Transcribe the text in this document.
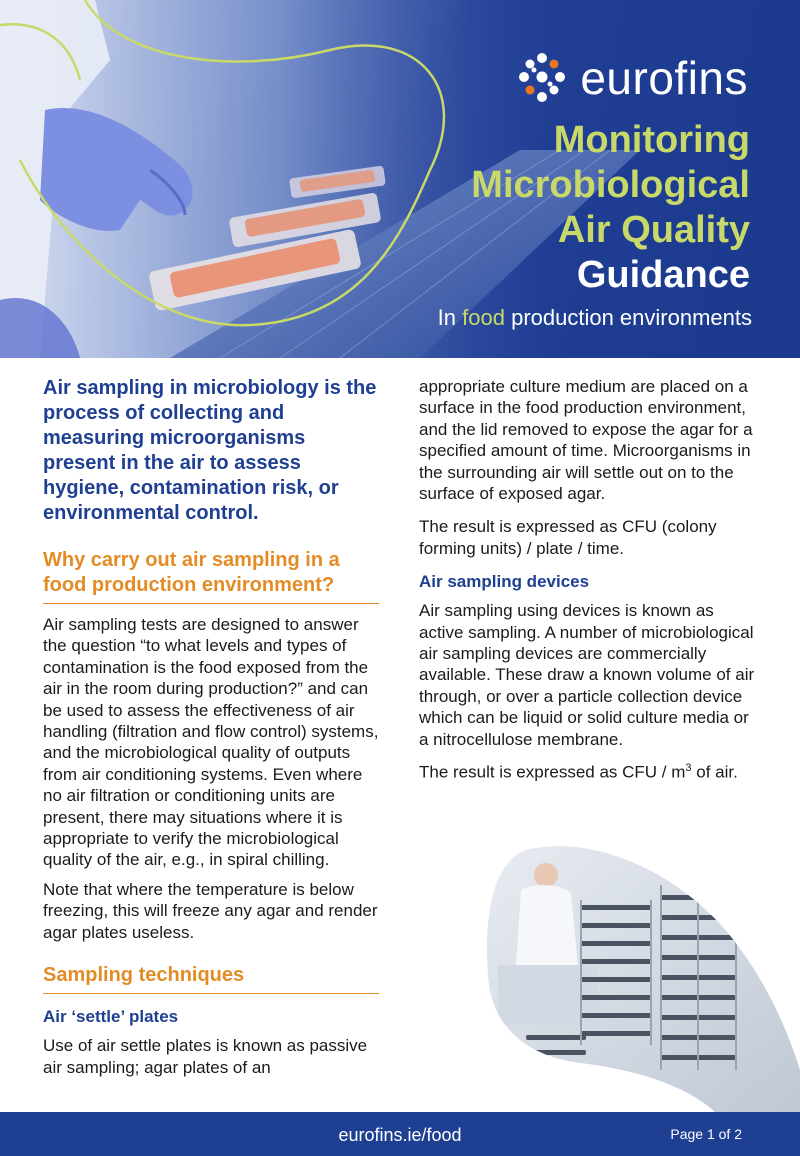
eurofins
Monitoring
Microbiological
Air Quality
Guidance
In food production environments

Air sampling in microbiology is the process of collecting and measuring microorganisms present in the air to assess hygiene, contamination risk, or environmental control.

Why carry out air sampling in a food production environment?

Air sampling tests are designed to answer the question “to what levels and types of contamination is the food exposed from the air in the room during production?” and can be used to assess the effectiveness of air handling (filtration and flow control) systems, and the microbiological quality of outputs from air conditioning systems. Even where no air filtration or conditioning units are present, there may situations where it is appropriate to verify the microbiological quality of the air, e.g., in spiral chilling.

Note that where the temperature is below freezing, this will freeze any agar and render agar plates useless.

Sampling techniques
Air ‘settle’ plates

Use of air settle plates is known as passive air sampling; agar plates of an

appropriate culture medium are placed on a surface in the food production environment, and the lid removed to expose the agar for a specified amount of time. Microorganisms in the surrounding air will settle out on to the surface of exposed agar.

The result is expressed as CFU (colony forming units) / plate / time.

Air sampling devices

Air sampling using devices is known as active sampling. A number of microbiological air sampling devices are commercially available. These draw a known volume of air through, or over a particle collection device which can be liquid or solid culture media or a nitrocellulose membrane.

The result is expressed as CFU / $m^3$ of air.

eurofins.ie/food	Page 1 of 2
